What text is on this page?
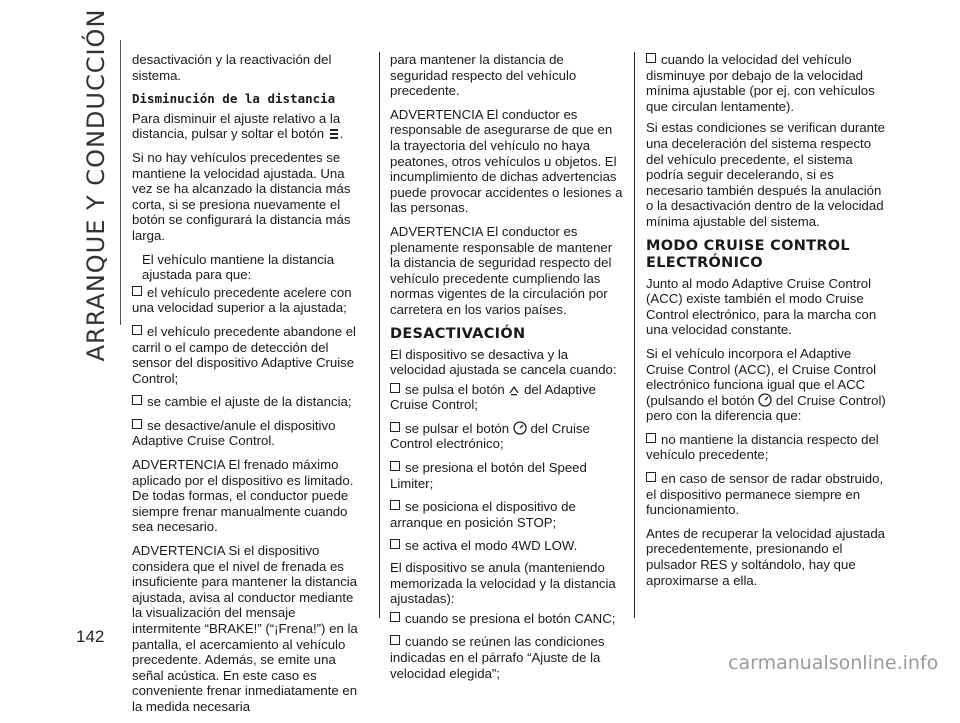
ARRANQUE Y CONDUCCIÓN
142

desactivación y la reactivación del sistema.

Disminución de la distancia

Para disminuir el ajuste relativo a la distancia, pulsar y soltar el botón .

Si no hay vehículos precedentes se mantiene la velocidad ajustada. Una vez se ha alcanzado la distancia más corta, si se presiona nuevamente el botón se configurará la distancia más larga.

El vehículo mantiene la distancia ajustada para que:

el vehículo precedente acelere con una velocidad superior a la ajustada;

el vehículo precedente abandone el carril o el campo de detección del sensor del dispositivo Adaptive Cruise Control;

se cambie el ajuste de la distancia;

se desactive/anule el dispositivo Adaptive Cruise Control.

ADVERTENCIA El frenado máximo aplicado por el dispositivo es limitado. De todas formas, el conductor puede siempre frenar manualmente cuando sea necesario.

ADVERTENCIA Si el dispositivo considera que el nivel de frenada es insuficiente para mantener la distancia ajustada, avisa al conductor mediante la visualización del mensaje intermitente “BRAKE!” (“¡Frena!”) en la pantalla, el acercamiento al vehículo precedente. Además, se emite una señal acústica. En este caso es conveniente frenar inmediatamente en la medida necesaria

para mantener la distancia de seguridad respecto del vehículo precedente.

ADVERTENCIA El conductor es responsable de asegurarse de que en la trayectoria del vehículo no haya peatones, otros vehículos u objetos. El incumplimiento de dichas advertencias puede provocar accidentes o lesiones a las personas.

ADVERTENCIA El conductor es plenamente responsable de mantener la distancia de seguridad respecto del vehículo precedente cumpliendo las normas vigentes de la circulación por carretera en los varios países.

DESACTIVACIÓN

El dispositivo se desactiva y la velocidad ajustada se cancela cuando:

se pulsa el botón del Adaptive Cruise Control;

se pulsar el botón del Cruise Control electrónico;

se presiona el botón del Speed Limiter;

se posiciona el dispositivo de arranque en posición STOP;

se activa el modo 4WD LOW.

El dispositivo se anula (manteniendo memorizada la velocidad y la distancia ajustadas):

cuando se presiona el botón CANC;

cuando se reúnen las condiciones indicadas en el párrafo “Ajuste de la velocidad elegida”;

cuando la velocidad del vehículo disminuye por debajo de la velocidad mínima ajustable (por ej. con vehículos que circulan lentamente).

Si estas condiciones se verifican durante una deceleración del sistema respecto del vehículo precedente, el sistema podría seguir decelerando, si es necesario también después la anulación o la desactivación dentro de la velocidad mínima ajustable del sistema.

MODO CRUISE CONTROL ELECTRÓNICO

Junto al modo Adaptive Cruise Control (ACC) existe también el modo Cruise Control electrónico, para la marcha con una velocidad constante.

Si el vehículo incorpora el Adaptive Cruise Control (ACC), el Cruise Control electrónico funciona igual que el ACC (pulsando el botón del Cruise Control) pero con la diferencia que:

no mantiene la distancia respecto del vehículo precedente;

en caso de sensor de radar obstruido, el dispositivo permanece siempre en funcionamiento.

Antes de recuperar la velocidad ajustada precedentemente, presionando el pulsador RES y soltándolo, hay que aproximarse a ella.

carmanualsonline.info
